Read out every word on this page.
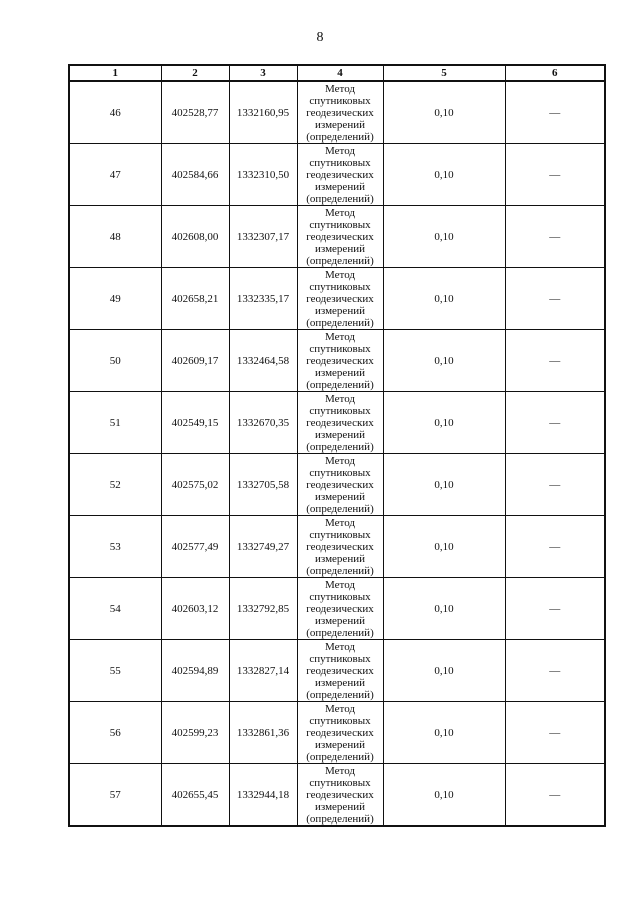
8
1	2	3	4	5	6
46	402528,77	1332160,95	Метод
спутниковых
геодезических
измерений
(определений)	0,10	—
47	402584,66	1332310,50	Метод
спутниковых
геодезических
измерений
(определений)	0,10	—
48	402608,00	1332307,17	Метод
спутниковых
геодезических
измерений
(определений)	0,10	—
49	402658,21	1332335,17	Метод
спутниковых
геодезических
измерений
(определений)	0,10	—
50	402609,17	1332464,58	Метод
спутниковых
геодезических
измерений
(определений)	0,10	—
51	402549,15	1332670,35	Метод
спутниковых
геодезических
измерений
(определений)	0,10	—
52	402575,02	1332705,58	Метод
спутниковых
геодезических
измерений
(определений)	0,10	—
53	402577,49	1332749,27	Метод
спутниковых
геодезических
измерений
(определений)	0,10	—
54	402603,12	1332792,85	Метод
спутниковых
геодезических
измерений
(определений)	0,10	—
55	402594,89	1332827,14	Метод
спутниковых
геодезических
измерений
(определений)	0,10	—
56	402599,23	1332861,36	Метод
спутниковых
геодезических
измерений
(определений)	0,10	—
57	402655,45	1332944,18	Метод
спутниковых
геодезических
измерений
(определений)	0,10	—
